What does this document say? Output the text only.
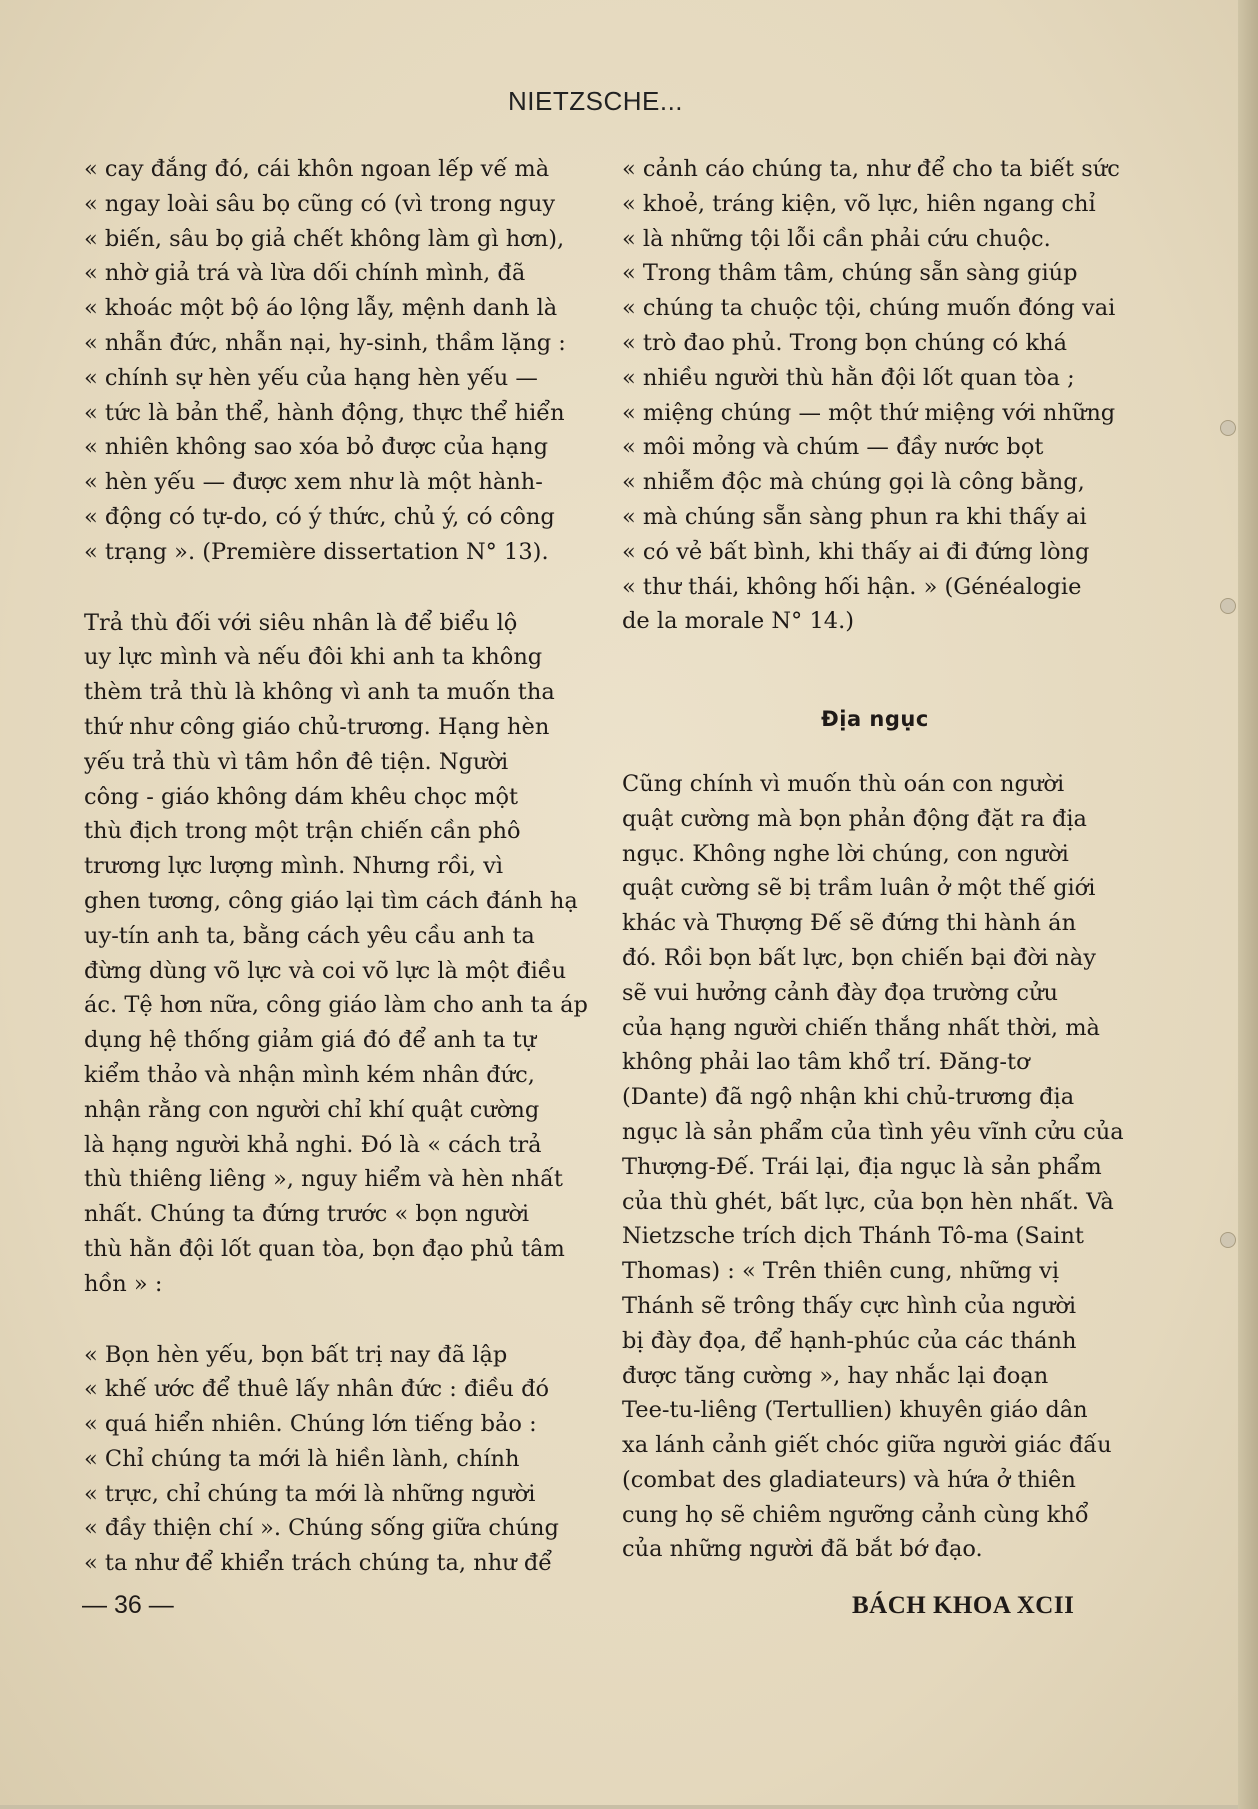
NIETZSCHE...

« cay đắng đó, cái khôn ngoan lếp vế mà
« ngay loài sâu bọ cũng có (vì trong nguy
« biến, sâu bọ giả chết không làm gì hơn),
« nhờ giả trá và lừa dối chính mình, đã
« khoác một bộ áo lộng lẫy, mệnh danh là
« nhẫn đức, nhẫn nại, hy-sinh, thầm lặng :
« chính sự hèn yếu của hạng hèn yếu —
« tức là bản thể, hành động, thực thể hiển
« nhiên không sao xóa bỏ được của hạng
« hèn yếu — được xem như là một hành-
« động có tự-do, có ý thức, chủ ý, có công
« trạng ». (Première dissertation N° 13).

Trả thù đối với siêu nhân là để biểu lộ
uy lực mình và nếu đôi khi anh ta không
thèm trả thù là không vì anh ta muốn tha
thứ như công giáo chủ-trương. Hạng hèn
yếu trả thù vì tâm hồn đê tiện. Người
công - giáo không dám khêu chọc một
thù địch trong một trận chiến cần phô
trương lực lượng mình. Nhưng rồi, vì
ghen tương, công giáo lại tìm cách đánh hạ
uy-tín anh ta, bằng cách yêu cầu anh ta
đừng dùng võ lực và coi võ lực là một điều
ác. Tệ hơn nữa, công giáo làm cho anh ta áp
dụng hệ thống giảm giá đó để anh ta tự
kiểm thảo và nhận mình kém nhân đức,
nhận rằng con người chỉ khí quật cường
là hạng người khả nghi. Đó là « cách trả
thù thiêng liêng », nguy hiểm và hèn nhất
nhất. Chúng ta đứng trước « bọn người
thù hằn đội lốt quan tòa, bọn đạo phủ tâm
hồn » :

« Bọn hèn yếu, bọn bất trị nay đã lập
« khế ước để thuê lấy nhân đức : điều đó
« quá hiển nhiên. Chúng lớn tiếng bảo :
« Chỉ chúng ta mới là hiền lành, chính
« trực, chỉ chúng ta mới là những người
« đầy thiện chí ». Chúng sống giữa chúng
« ta như để khiển trách chúng ta, như để

« cảnh cáo chúng ta, như để cho ta biết sức
« khoẻ, tráng kiện, võ lực, hiên ngang chỉ
« là những tội lỗi cần phải cứu chuộc.
« Trong thâm tâm, chúng sẵn sàng giúp
« chúng ta chuộc tội, chúng muốn đóng vai
« trò đao phủ. Trong bọn chúng có khá
« nhiều người thù hằn đội lốt quan tòa ;
« miệng chúng — một thứ miệng với những
« môi mỏng và chúm — đầy nước bọt
« nhiễm độc mà chúng gọi là công bằng,
« mà chúng sẵn sàng phun ra khi thấy ai
« có vẻ bất bình, khi thấy ai đi đứng lòng
« thư thái, không hối hận. » (Généalogie
de la morale N° 14.)

Địa ngục

Cũng chính vì muốn thù oán con người
quật cường mà bọn phản động đặt ra địa
ngục. Không nghe lời chúng, con người
quật cường sẽ bị trầm luân ở một thế giới
khác và Thượng Đế sẽ đứng thi hành án
đó. Rồi bọn bất lực, bọn chiến bại đời này
sẽ vui hưởng cảnh đày đọa trường cửu
của hạng người chiến thắng nhất thời, mà
không phải lao tâm khổ trí. Đăng-tơ
(Dante) đã ngộ nhận khi chủ-trương địa
ngục là sản phẩm của tình yêu vĩnh cửu của
Thượng-Đế. Trái lại, địa ngục là sản phẩm
của thù ghét, bất lực, của bọn hèn nhất. Và
Nietzsche trích dịch Thánh Tô-ma (Saint
Thomas) : « Trên thiên cung, những vị
Thánh sẽ trông thấy cực hình của người
bị đày đọa, để hạnh-phúc của các thánh
được tăng cường », hay nhắc lại đoạn
Tee-tu-liêng (Tertullien) khuyên giáo dân
xa lánh cảnh giết chóc giữa người giác đấu
(combat des gladiateurs) và hứa ở thiên
cung họ sẽ chiêm ngưỡng cảnh cùng khổ
của những người đã bắt bớ đạo.

— 36 —	BÁCH KHOA XCII
